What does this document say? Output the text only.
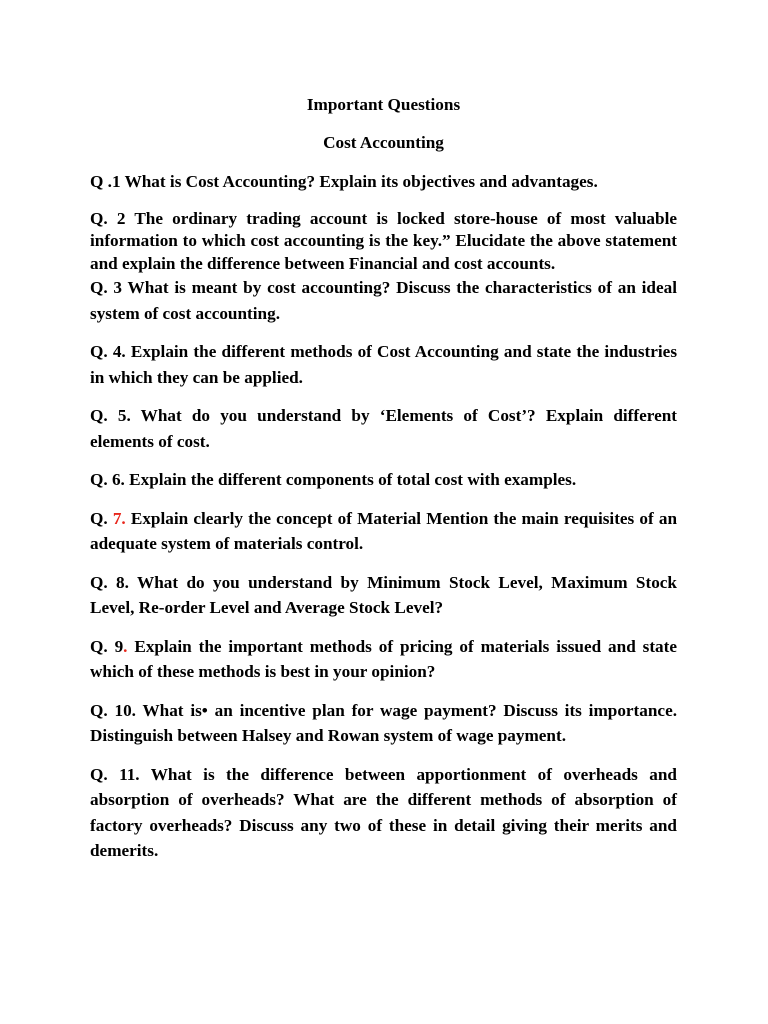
Important Questions

Cost Accounting

Q .1 What is Cost Accounting? Explain its objectives and advantages.

Q. 2 The ordinary trading account is locked store-house of most valuable information to which cost accounting is the key.” Elucidate the above statement and explain the difference between Financial and cost accounts.

Q. 3 What is meant by cost accounting? Discuss the characteristics of an ideal system of cost accounting.

Q. 4. Explain the different methods of Cost Accounting and state the industries in which they can be applied.

Q. 5. What do you understand by ‘Elements of Cost’? Explain different elements of cost.

Q. 6. Explain the different components of total cost with examples.

Q. 7. Explain clearly the concept of Material Mention the main requisites of an adequate system of materials control.

Q. 8. What do you understand by Minimum Stock Level, Maximum Stock Level, Re-order Level and Average Stock Level?

Q. 9. Explain the important methods of pricing of materials issued and state which of these methods is best in your opinion?

Q. 10. What is• an incentive plan for wage payment? Discuss its importance. Distinguish between Halsey and Rowan system of wage payment.

Q. 11. What is the difference between apportionment of overheads and absorption of overheads? What are the different methods of absorption of factory overheads? Discuss any two of these in detail giving their merits and demerits.
